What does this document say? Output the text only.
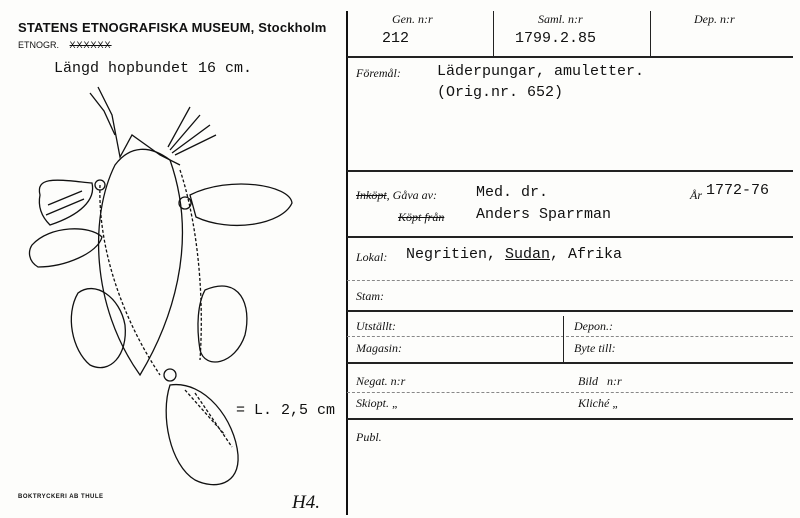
STATENS ETNOGRAFISKA MUSEUM, Stockholm
ETNOGR. XXXXXX
Längd hopbundet 16 cm.
= L. 2,5 cm
BOKTRYCKERI AB THULE	H4.
Gen. n:r	Saml. n:r	Dep. n:r
212	1799.2.85
Föremål: Läderpungar, amuletter.
(Orig.nr. 652)
Inköpt, Gåva av:	Med. dr.
Köpt från Anders Sparrman
År 1772-76
Lokal: Negritien, Sudan, Afrika
Stam:
Utställt:	Depon.:
Magasin:	Byte till:
Negat. n:r	Bild   n:r
Skiopt. „	Kliché „
Publ.
